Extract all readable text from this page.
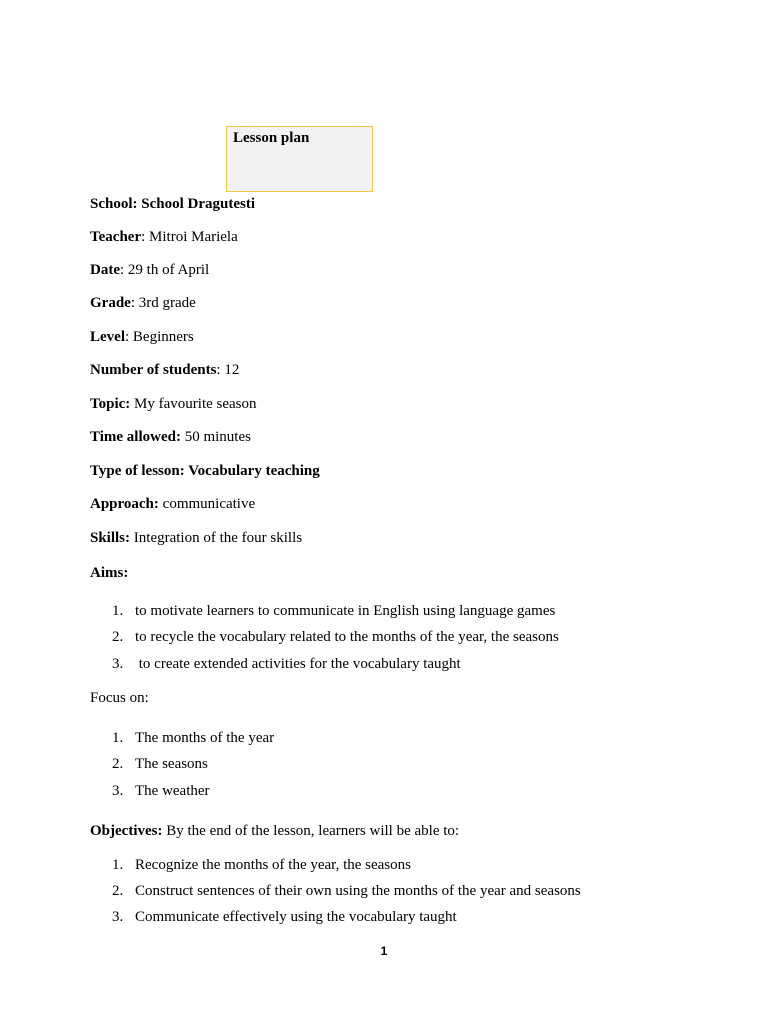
Lesson plan
School: School Dragutesti
Teacher: Mitroi Mariela
Date: 29 th of April
Grade: 3rd grade
Level: Beginners
Number of students: 12
Topic: My favourite season
Time allowed: 50 minutes
Type of lesson: Vocabulary teaching
Approach: communicative
Skills: Integration of the four skills
Aims:
1. to motivate learners to communicate in English using language games
2. to recycle the vocabulary related to the months of the year, the seasons
3. to create extended activities for the vocabulary taught
Focus on:
1. The months of the year
2. The seasons
3. The weather
Objectives: By the end of the lesson, learners will be able to:
1. Recognize the months of the year, the seasons
2. Construct sentences of their own using the months of the year and seasons
3. Communicate effectively using the vocabulary taught
1
